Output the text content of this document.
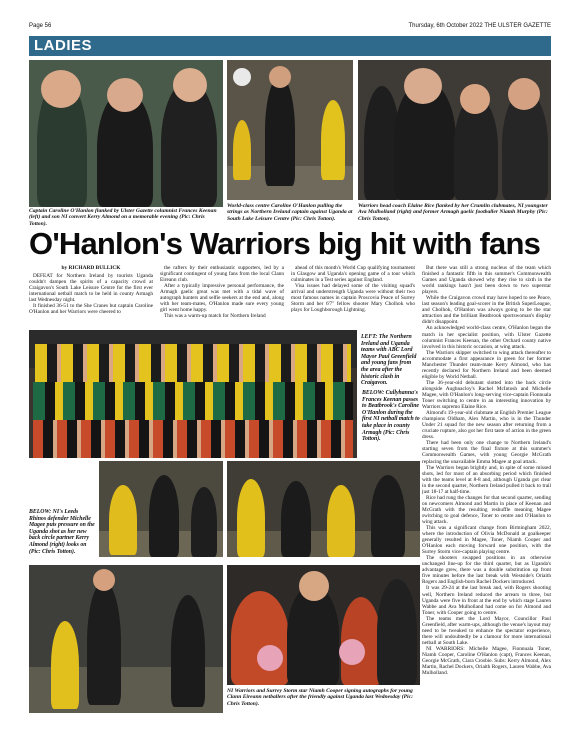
Page 56	Thursday, 6th October 2022 THE ULSTER GAZETTE
LADIES
Captain Caroline O'Hanlon flanked by Ulster Gazette columnist Frances Keenan (left) and son NI convert Kerry Almond on a memorable evening (Pic: Chris Totton).
World-class centre Caroline O'Hanlon pulling the strings as Northern Ireland captain against Uganda at South Lake Leisure Centre (Pic: Chris Totton).
Warriors head coach Elaine Rice flanked by her Crumlin clubmates, NI youngster Ava Mulholland (right) and former Armagh gaelic footballer Niamh Murphy (Pic: Chris Totton).
O'Hanlon's Warriors big hit with fans
by RICHARD BULLICK

DEFEAT for Northern Ireland by tourists Uganda couldn't dampen the spirits of a capacity crowd at Craigavon's South Lake Leisure Centre for the first ever international netball match to be held in county Armagh last Wednesday night.

It finished 36-51 to the She Cranes but captain Caroline O'Hanlon and her Warriors were cheered to

the rafters by their enthusiastic supporters, led by a significant contingent of young fans from the local Clann Eireann club.

After a typically impressive personal performance, the Armagh gaelic great was met with a tidal wave of autograph hunters and selfie seekers at the end and, along with her team-mates, O'Hanlon made sure every young girl went home happy.

This was a warm-up match for Northern Ireland

ahead of this month's World Cup qualifying tournament in Glasgow and Uganda's opening game of a tour which culminates in a Test series against England.

Visa issues had delayed some of the visiting squad's arrival and understrength Uganda were without their two most famous names in captain Proscovia Peace of Surrey Storm and her 6'7" fellow shooter Mary Cholhok who plays for Loughborough Lightning.

But there was still a strong nucleus of the team which finished a fantastic fifth in this summer's Commonwealth Games and Uganda showed why they rise to sixth in the world rankings hasn't just been down to two superstar players.

While the Craigavon crowd may have hoped to see Peace, last season's leading goal-scorer in the British SuperLeague, and Cholhok, O'Hanlon was always going to be the star attraction and the brilliant Beatbrook sportswoman's display didn't disappoint.

An acknowledged world-class centre, O'Hanlon began the match in her specialist position, with Ulster Gazette columnist Frances Keenan, the other Orchard county native involved in this historic occasion, at wing attack.

The Warriors skipper switched to wing attack thereafter to accommodate a first appearance in green for her former Manchester Thunder team-mate Kerry Almond, who has recently declared for Northern Ireland and been deemed eligible by World Netball.

The 36-year-old debutant slotted into the back circle alongside Aughnacloy's Rachel McIntosh and Michelle Magee, with O'Hanlon's long-serving vice-captain Fionnuala Toner switching to centre in an interesting innovation by Warriors supremo Elaine Rice.

Almond's 19-year-old clubmate at English Premier League champions Oldham, Alex Martin, who is in the Thunder Under 21 squad for the new season after returning from a cruciate rupture, also got her first taste of action in the green dress.

There had been only one change to Northern Ireland's starting seven from the final fixture at this summer's Commonwealth Games, with young Georgie McGrath replacing the unavailable Emma Magee at goal attack.

The Warriors began brightly and, in spite of some missed shots, led for most of an absorbing period which finished with the teams level at 8-8 and, although Uganda got clear in the second quarter, Northern Ireland pulled it back to trail just 18-17 at half-time.

Rice had rung the changes for that second quarter, sending on newcomers Almond and Martin in place of Keenan and McGrath with the resulting reshuffle meaning Magee switching to goal defence, Toner to centre and O'Hanlon to wing attack.

This was a significant change from Birmingham 2022, where the introduction of Olivia McDonald at goalkeeper generally resulted in Magee, Toner, Niamh Cooper and O'Hanlon each moving forward one position, with the Surrey Storm vice-captain playing centre.

The shooters swapped positions in an otherwise unchanged line-up for the third quarter, but as Uganda's advantage grew, there was a double substitution up front five minutes before the last break with Westside's Oriaith Rogers and English-born Rachel Dockers introduced.

It was 29-24 at the last break and, with Rogers shooting well, Northern Ireland reduced the arrears to three, but Uganda were five in front at the end by which stage Lauren Wabbe and Ava Mulholland had come on for Almond and Toner, with Cooper going to centre.

The teams met the Lord Mayor, Councillor Paul Greenfield, after warm-ups, although the venue's layout may need to be tweaked to enhance the spectator experience, there will undoubtedly be a clamour for more international netball at South Lake.

NI WARRIORS: Michelle Magee, Fionnuala Toner, Niamh Cooper, Caroline O'Hanlon (capt), Frances Keenan, Georgie McGrath, Ciara Crosbie. Subs: Kerry Almond, Alex Martin, Rachel Dockers, Oriaith Rogers, Lauren Wabbe, Ava Mulholland.

LEFT: The Northern Ireland and Uganda teams with ABC Lord Mayor Paul Greenfield and young fans from the area after the historic clash in Craigavon.
BELOW: Cullyhanna's Frances Keenan passes to Beatbrook's Caroline O'Hanlon during the first NI netball match to take place in county Armagh (Pic: Chris Totton).
BELOW: NI's Leeds Rhinos defender Michelle Magee puts pressure on the Uganda shot as her new back circle partner Kerry Almond (right) looks on (Pic: Chris Totton).
NI Warriors and Surrey Storm star Niamh Cooper signing autographs for young Clann Eireann netballers after the friendly against Uganda last Wednesday (Pic: Chris Totton).
